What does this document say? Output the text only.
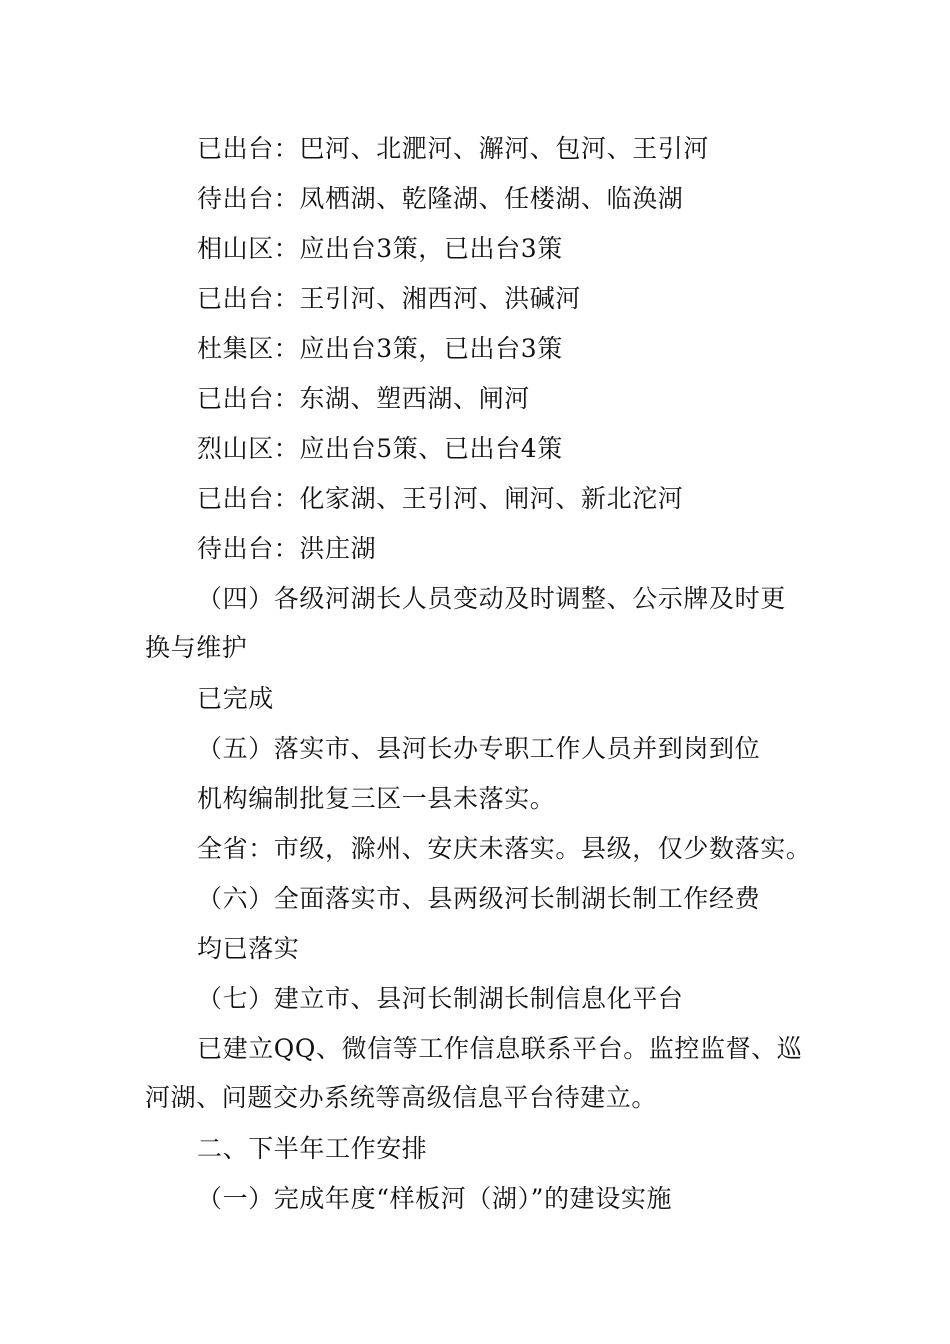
已出台：巴河、北淝河、澥河、包河、王引河
待出台：凤栖湖、乾隆湖、任楼湖、临涣湖
相山区：应出台3策，已出台3策
已出台：王引河、湘西河、洪碱河
杜集区：应出台3策，已出台3策
已出台：东湖、塑西湖、闸河
烈山区：应出台5策、已出台4策
已出台：化家湖、王引河、闸河、新北沱河
待出台：洪庄湖
（四）各级河湖长人员变动及时调整、公示牌及时更
换与维护
已完成
（五）落实市、县河长办专职工作人员并到岗到位
机构编制批复三区一县未落实。
全省：市级，滁州、安庆未落实。县级，仅少数落实。
（六）全面落实市、县两级河长制湖长制工作经费
均已落实
（七）建立市、县河长制湖长制信息化平台
已建立QQ、微信等工作信息联系平台。监控监督、巡
河湖、问题交办系统等高级信息平台待建立。
二、下半年工作安排
（一）完成年度“样板河（湖）”的建设实施
